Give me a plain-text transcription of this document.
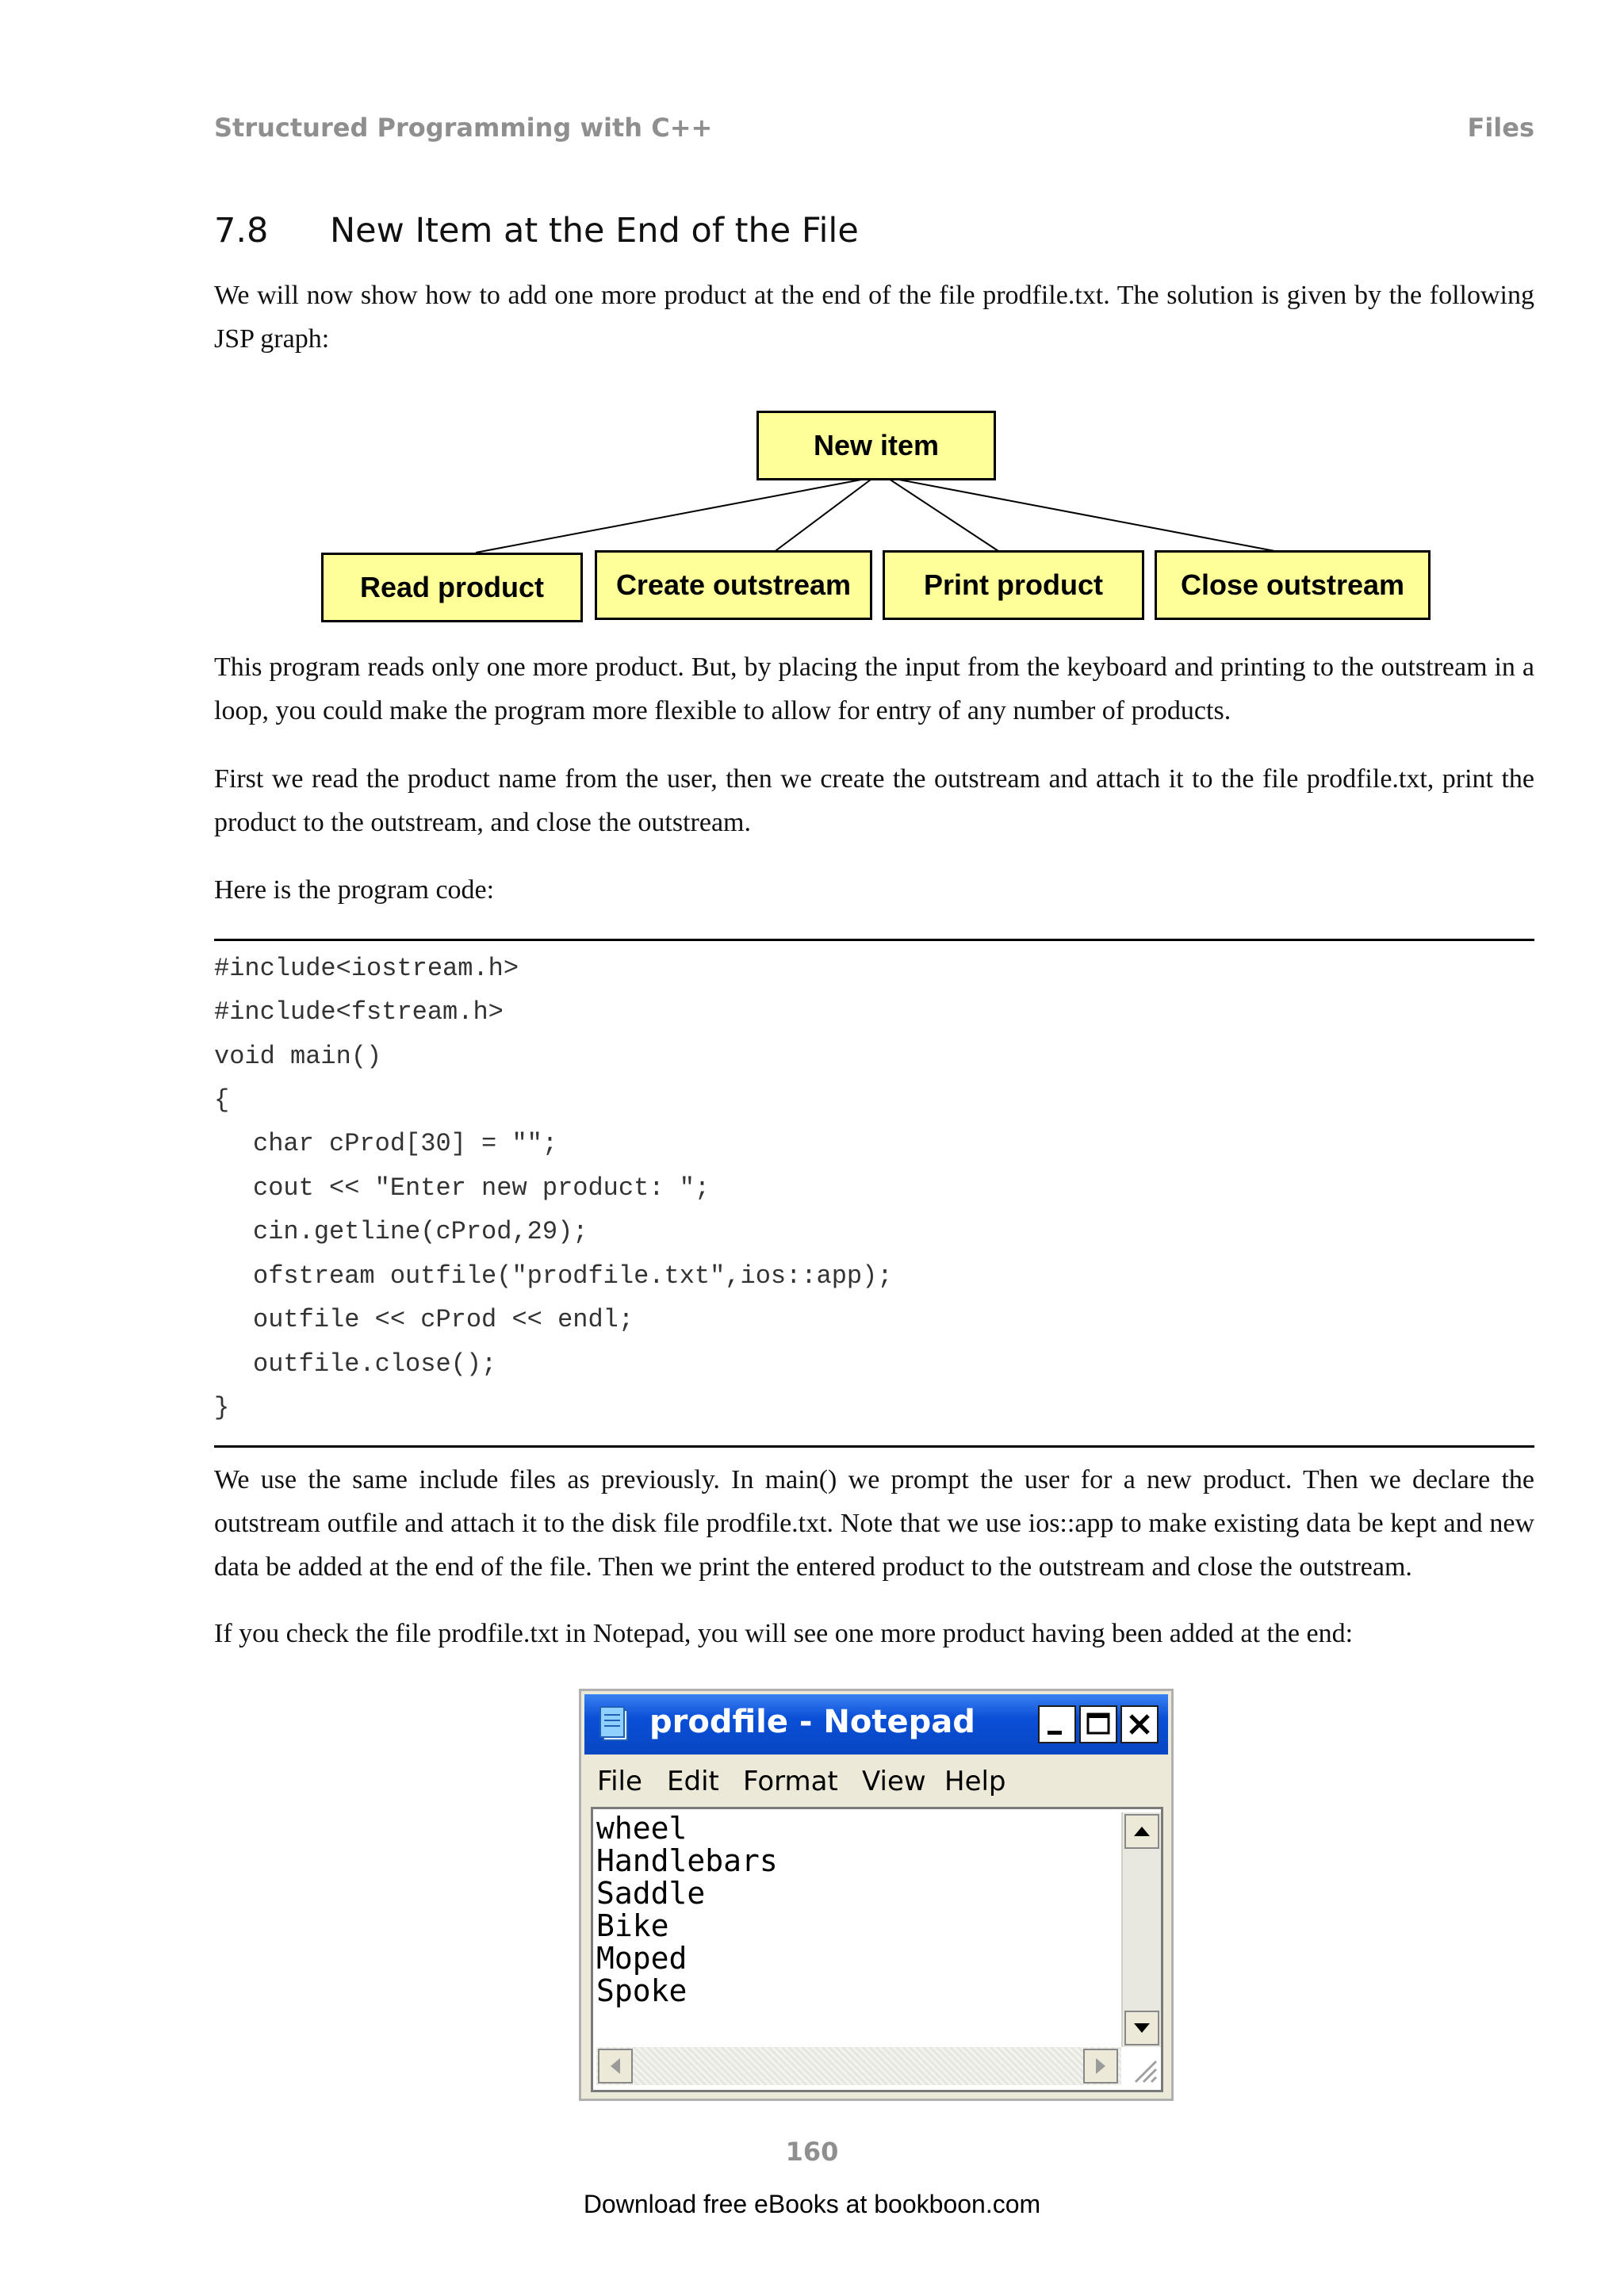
Structured Programming with C++	Files
7.8 New Item at the End of the File

We will now show how to add one more product at the end of the file prodfile.txt. The solution is given by the following JSP graph:

New item
Read product	Create outstream	Print product	Close outstream

This program reads only one more product. But, by placing the input from the keyboard and printing to the outstream in a loop, you could make the program more flexible to allow for entry of any number of products.

First we read the product name from the user, then we create the outstream and attach it to the file prodfile.txt, print the product to the outstream, and close the outstream.

Here is the program code:

#include<iostream.h>
#include<fstream.h>
void main()
{
char cProd[30] = "";
cout << "Enter new product: ";
cin.getline(cProd,29);
ofstream outfile("prodfile.txt",ios::app);
outfile << cProd << endl;
outfile.close();
}

We use the same include files as previously. In main() we prompt the user for a new product. Then we declare the outstream outfile and attach it to the disk file prodfile.txt. Note that we use ios::app to make existing data be kept and new data be added at the end of the file. Then we print the entered product to the outstream and close the outstream.

If you check the file prodfile.txt in Notepad, you will see one more product having been added at the end:

prodfile - Notepad
File Edit Format View Help
wheel
Handlebars
Saddle
Bike
Moped
Spoke
160
Download free eBooks at bookboon.com
